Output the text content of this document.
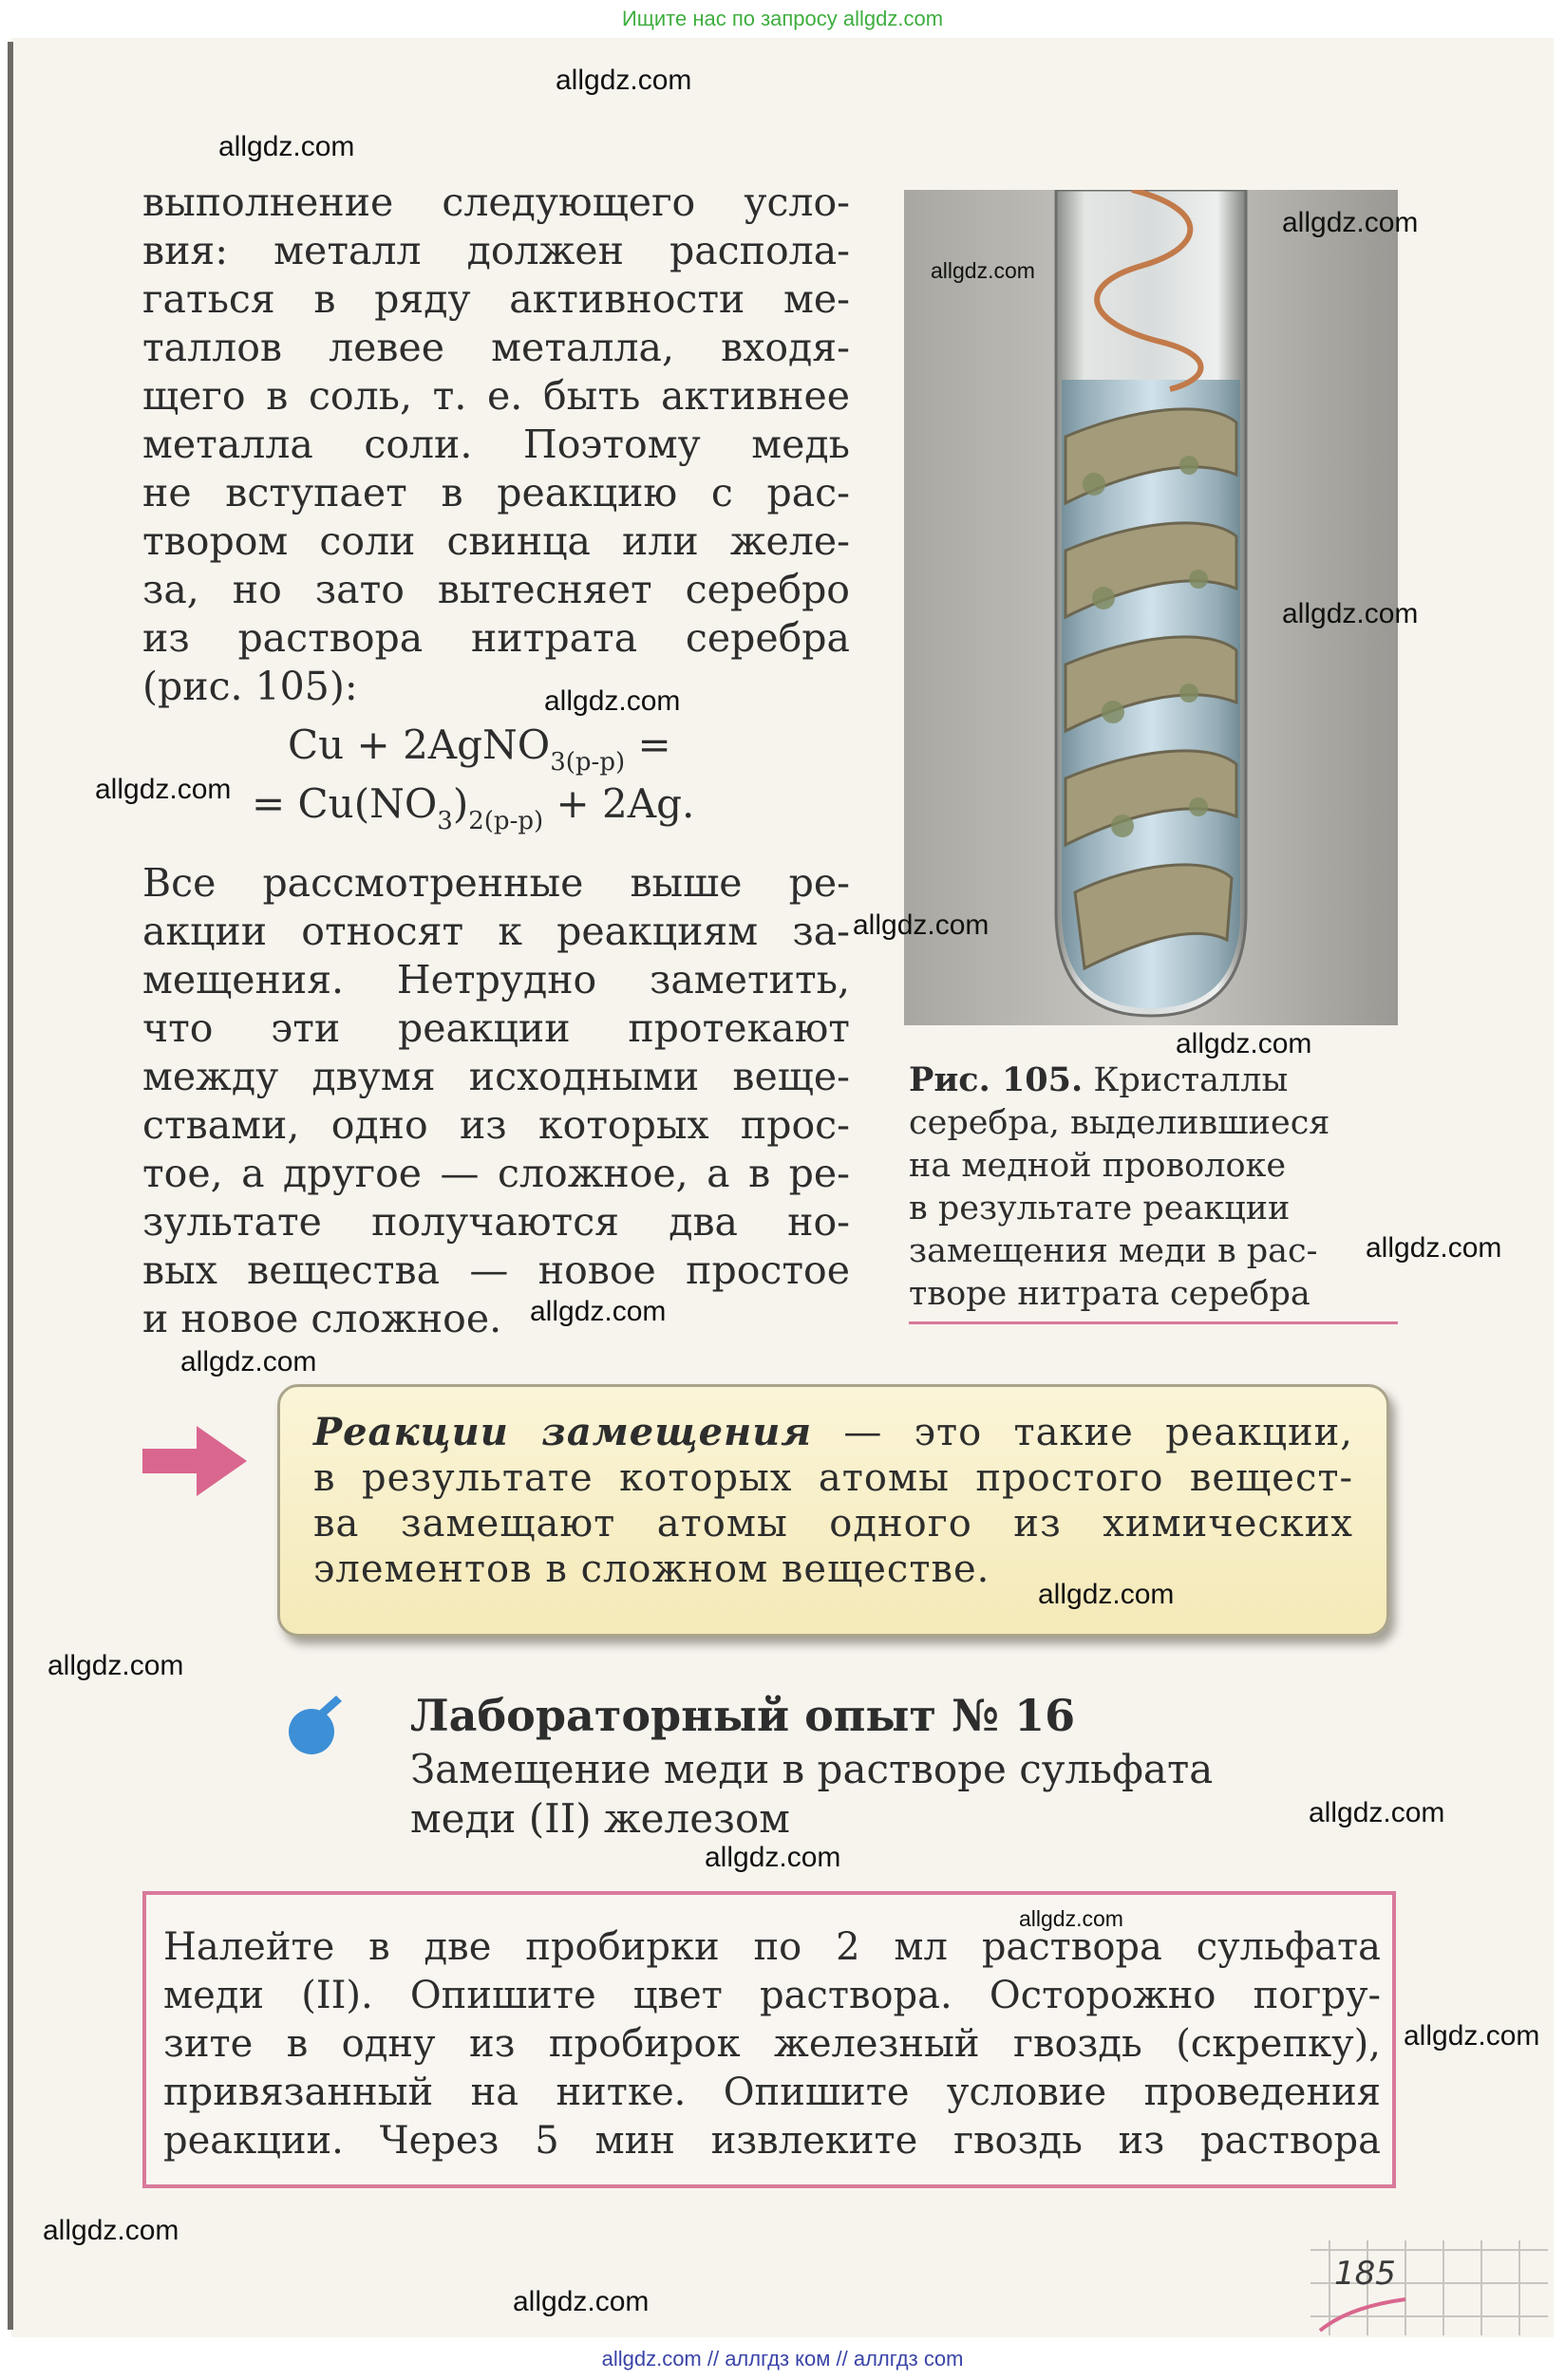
Ищите нас по запросу allgdz.com
выполнение следующего усло-
вия: металл должен распола-
гаться в ряду активности ме-
таллов левее металла, входя-
щего в соль, т. е. быть активнее
металла соли. Поэтому медь
не вступает в реакцию с рас-
твором соли свинца или желе-
за, но зато вытесняет серебро
из раствора нитрата серебра
(рис. 105):
Cu + 2AgNO$_{3(р-р)}$ =
= $Cu(NO_3)_{2(р-р)} + 2Ag$.
Все рассмотренные выше ре-
акции относят к реакциям за-
мещения. Нетрудно заметить,
что эти реакции протекают
между двумя исходными веще-
ствами, одно из которых прос-
тое, а другое — сложное, а в ре-
зультате получаются два но-
вых вещества — новое простое
и новое сложное.
Рис. 105. Кристаллы
серебра, выделившиеся
на медной проволоке
в результате реакции
замещения меди в рас-
творе нитрата серебра
Реакции замещения — это такие реакции,
в результате которых атомы простого вещест-
ва замещают атомы одного из химических
элементов в сложном веществе.
Лабораторный опыт № 16
Замещение меди в растворе сульфата
меди (II) железом
Налейте в две пробирки по 2 мл раствора сульфата
меди (II). Опишите цвет раствора. Осторожно погру-
зите в одну из пробирок железный гвоздь (скрепку),
привязанный на нитке. Опишите условие проведения
реакции. Через 5 мин извлеките гвоздь из раствора
185
allgdz.com
allgdz.com
allgdz.com
allgdz.com
allgdz.com
allgdz.com
allgdz.com
allgdz.com
allgdz.com
allgdz.com
allgdz.com
allgdz.com
allgdz.com
allgdz.com
allgdz.com
allgdz.com
allgdz.com
allgdz.com
allgdz.com
allgdz.com
allgdz.com // аллгдз ком // аллгдз com
